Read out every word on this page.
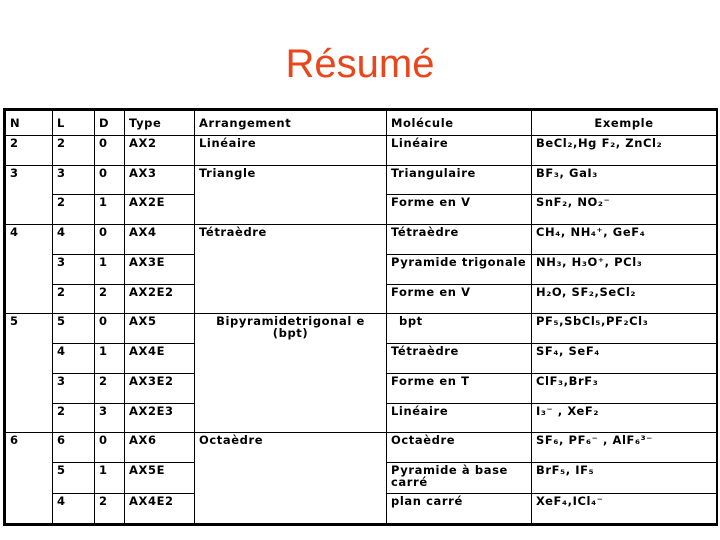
Résumé
N	L	D	Type	Arrangement	Molécule	Exemple
2	2	0	AX2	Linéaire	Linéaire	BeCl₂,Hg F₂, ZnCl₂
3	3	0	AX3	Triangle	Triangulaire	BF₃, GaI₃
	2	1	AX2E		Forme en V	SnF₂, NO₂⁻
4	4	0	AX4	Tétraèdre	Tétraèdre	CH₄, NH₄⁺, GeF₄
	3	1	AX3E		Pyramide trigonale	NH₃, H₃O⁺, PCl₃
	2	2	AX2E2		Forme en V	H₂O, SF₂,SeCl₂
5	5	0	AX5	Bipyramidetrigonal e (bpt)	bpt	PF₅,SbCl₅,PF₂Cl₃
	4	1	AX4E		Tétraèdre	SF₄, SeF₄
	3	2	AX3E2		Forme en T	ClF₃,BrF₃
	2	3	AX2E3		Linéaire	I₃⁻ , XeF₂
6	6	0	AX6	Octaèdre	Octaèdre	SF₆, PF₆⁻ , AlF₆³⁻
	5	1	AX5E		Pyramide à base carré	BrF₅, IF₅
	4	2	AX4E2		plan carré	XeF₄,ICl₄⁻
